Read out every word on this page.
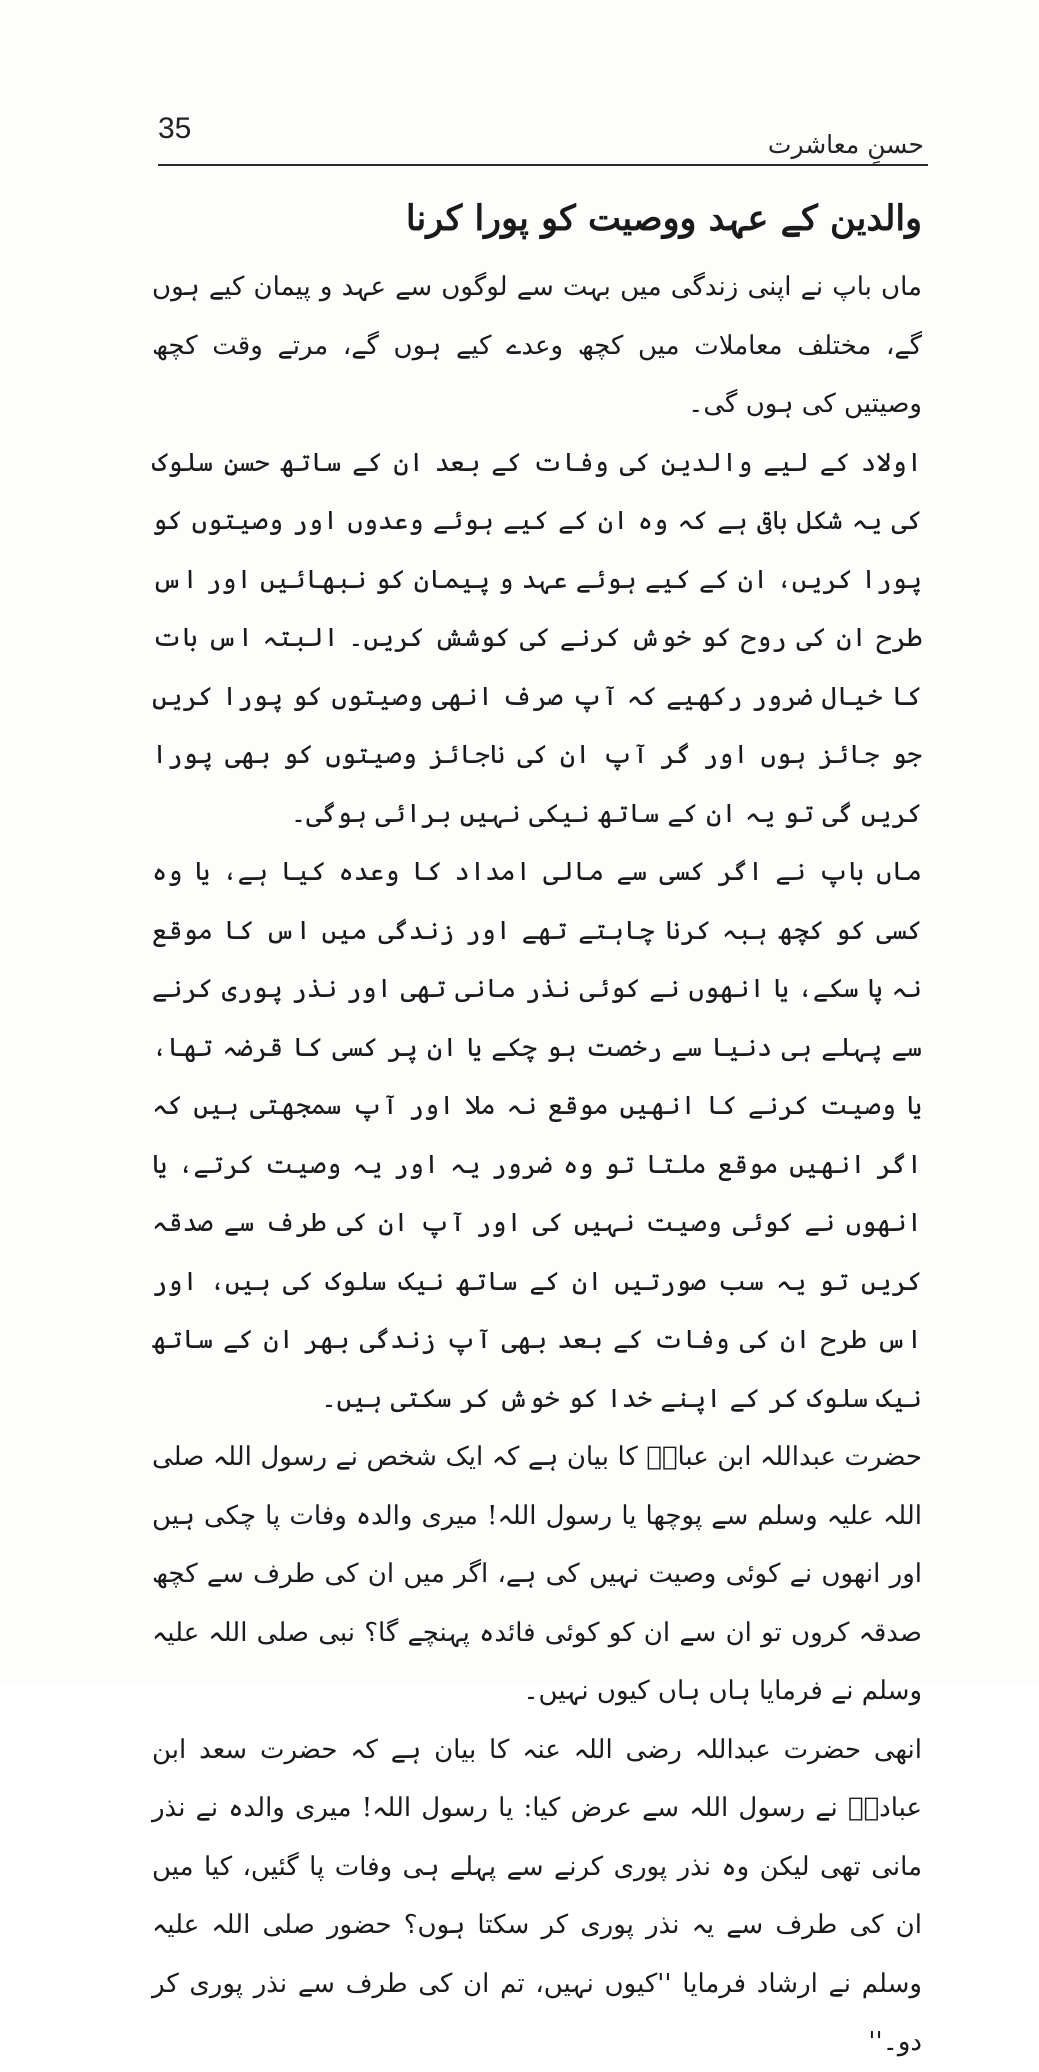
35	حسنِ معاشرت
والدین کے عہد ووصیت کو پورا کرنا

ماں باپ نے اپنی زندگی میں بہت سے لوگوں سے عہد و پیمان کیے ہوں گے، مختلف معاملات میں کچھ وعدے کیے ہوں گے، مرتے وقت کچھ وصیتیں کی ہوں گی۔

اولاد کے لیے والدین کی وفات کے بعد ان کے ساتھ حسنِ سلوک کی یہ شکل باقی ہے کہ وہ ان کے کیے ہوئے وعدوں اور وصیتوں کو پورا کریں، ان کے کیے ہوئے عہد و پیمان کو نبھائیں اور اس طرح ان کی روح کو خوش کرنے کی کوشش کریں۔ البتہ اس بات کا خیال ضرور رکھیے کہ آپ صرف انھی وصیتوں کو پورا کریں جو جائز ہوں اور گر آپ ان کی ناجائز وصیتوں کو بھی پورا کریں گی تو یہ ان کے ساتھ نیکی نہیں برائی ہوگی۔

ماں باپ نے اگر کسی سے مالی امداد کا وعدہ کیا ہے، یا وہ کسی کو کچھ ہبہ کرنا چاہتے تھے اور زندگی میں اس کا موقع نہ پا سکے، یا انھوں نے کوئی نذر مانی تھی اور نذر پوری کرنے سے پہلے ہی دنیا سے رخصت ہو چکے یا ان پر کسی کا قرضہ تھا، یا وصیت کرنے کا انھیں موقع نہ ملا اور آپ سمجھتی ہیں کہ اگر انھیں موقع ملتا تو وہ ضرور یہ اور یہ وصیت کرتے، یا انھوں نے کوئی وصیت نہیں کی اور آپ ان کی طرف سے صدقہ کریں تو یہ سب صورتیں ان کے ساتھ نیک سلوک کی ہیں، اور اس طرح ان کی وفات کے بعد بھی آپ زندگی بھر ان کے ساتھ نیک سلوک کر کے اپنے خدا کو خوش کر سکتی ہیں۔

حضرت عبداللہ ابن عباسؓ کا بیان ہے کہ ایک شخص نے رسول اللہ صلی اللہ علیہ وسلم سے پوچھا یا رسول اللہ! میری والدہ وفات پا چکی ہیں اور انھوں نے کوئی وصیت نہیں کی ہے، اگر میں ان کی طرف سے کچھ صدقہ کروں تو ان سے ان کو کوئی فائدہ پہنچے گا؟ نبی صلی اللہ علیہ وسلم نے فرمایا ہاں ہاں کیوں نہیں۔

انھی حضرت عبداللہ رضی اللہ عنہ کا بیان ہے کہ حضرت سعد ابن عبادہؓ نے رسول اللہ سے عرض کیا: یا رسول اللہ! میری والدہ نے نذر مانی تھی لیکن وہ نذر پوری کرنے سے پہلے ہی وفات پا گئیں، کیا میں ان کی طرف سے یہ نذر پوری کر سکتا ہوں؟ حضور صلی اللہ علیہ وسلم نے ارشاد فرمایا ''کیوں نہیں، تم ان کی طرف سے نذر پوری کر دو۔''
